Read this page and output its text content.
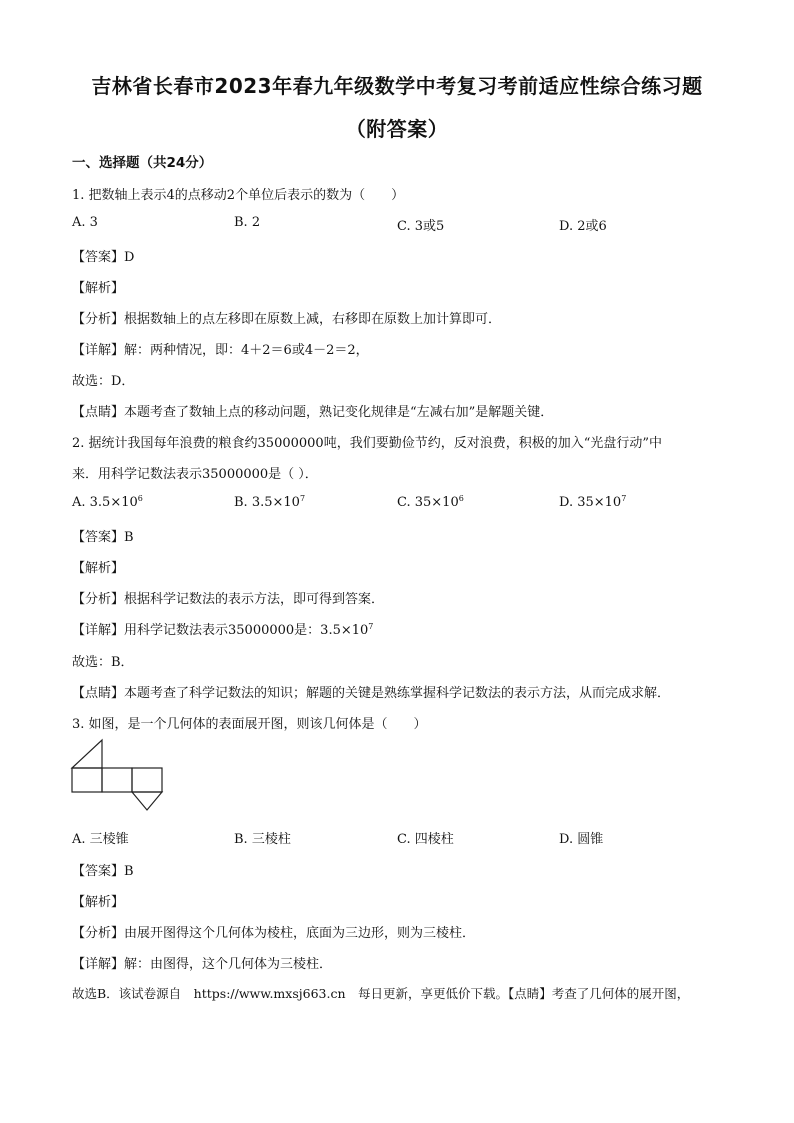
吉林省长春市2023年春九年级数学中考复习考前适应性综合练习题
（附答案）
一、选择题（共24分）
1. 把数轴上表示4的点移动2个单位后表示的数为（　　）
A. 3	B. 2	C. 3或5	D. 2或6
【答案】D
【解析】
【分析】根据数轴上的点左移即在原数上减，右移即在原数上加计算即可．
【详解】解：两种情况，即：4＋2＝6或4－2＝2，
故选：D．
【点睛】本题考查了数轴上点的移动问题，熟记变化规律是“左减右加”是解题关键．
2. 据统计我国每年浪费的粮食约35000000吨，我们要勤俭节约，反对浪费，积极的加入“光盘行动”中
来．用科学记数法表示35000000是（ ）．
A. $3.5\times 10^6$	B. $3.5\times 10^7$	C. $35\times 10^6$	D. $35\times 10^7$
【答案】B
【解析】
【分析】根据科学记数法的表示方法，即可得到答案．
【详解】用科学记数法表示35000000是：$3.5\times 10^7$
故选：B．
【点睛】本题考查了科学记数法的知识；解题的关键是熟练掌握科学记数法的表示方法，从而完成求解．
3. 如图，是一个几何体的表面展开图，则该几何体是（　　）
A. 三棱锥	B. 三棱柱	C. 四棱柱	D. 圆锥
【答案】B
【解析】
【分析】由展开图得这个几何体为棱柱，底面为三边形，则为三棱柱．
【详解】解：由图得，这个几何体为三棱柱．
故选B．该试卷源自　https://www.mxsj663.cn　每日更新，享更低价下载。【点睛】考查了几何体的展开图，
